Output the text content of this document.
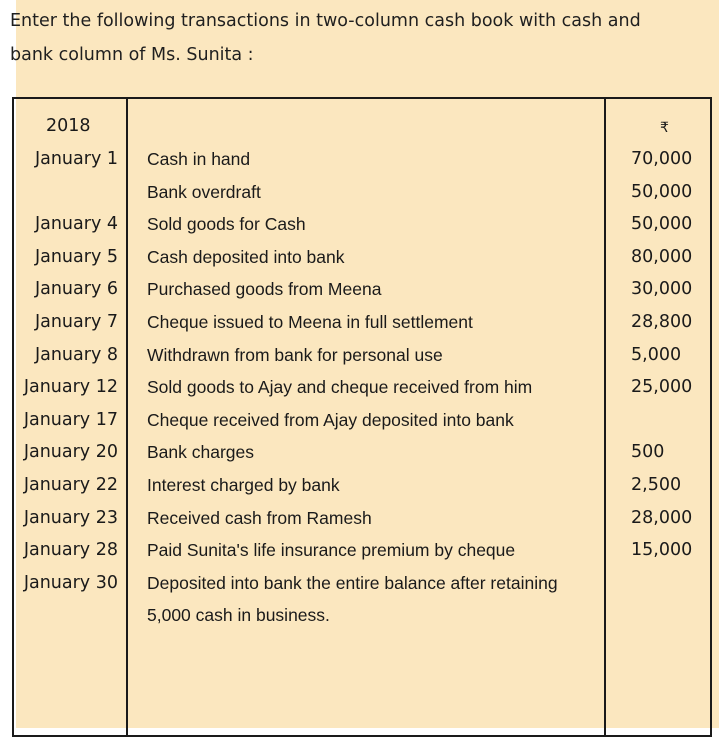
Enter the following transactions in two-column cash book with cash and
bank column of Ms. Sunita :
2018	₹
January 1 Cash in hand	70,000
Bank overdraft	50,000
January 4 Sold goods for Cash	50,000
January 5 Cash deposited into bank	80,000
January 6 Purchased goods from Meena	30,000
January 7 Cheque issued to Meena in full settlement	28,800
January 8 Withdrawn from bank for personal use	5,000
January 12 Sold goods to Ajay and cheque received from him	25,000
January 17 Cheque received from Ajay deposited into bank
January 20 Bank charges	500
January 22 Interest charged by bank	2,500
January 23 Received cash from Ramesh	28,000
January 28 Paid Sunita's life insurance premium by cheque	15,000
January 30 Deposited into bank the entire balance after retaining
5,000 cash in business.
